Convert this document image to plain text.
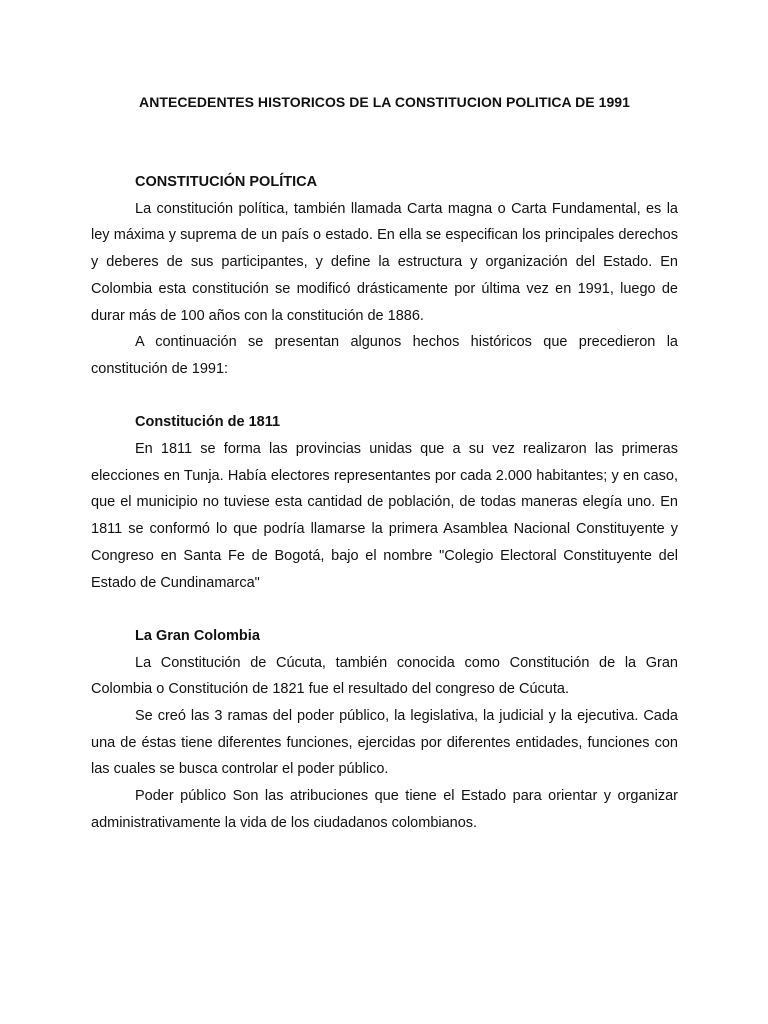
ANTECEDENTES HISTORICOS DE LA CONSTITUCION POLITICA DE 1991
CONSTITUCIÓN POLÍTICA

La constitución política, también llamada Carta magna o Carta Fundamental, es la ley máxima y suprema de un país o estado. En ella se especifican los principales derechos y deberes de sus participantes, y define la estructura y organización del Estado. En Colombia esta constitución se modificó drásticamente por última vez en 1991, luego de durar más de 100 años con la constitución de 1886.

A continuación se presentan algunos hechos históricos que precedieron la constitución de 1991:

Constitución de 1811

En 1811 se forma las provincias unidas que a su vez realizaron las primeras elecciones en Tunja. Había electores representantes por cada 2.000 habitantes; y en caso, que el municipio no tuviese esta cantidad de población, de todas maneras elegía uno. En 1811 se conformó lo que podría llamarse la primera Asamblea Nacional Constituyente y Congreso en Santa Fe de Bogotá, bajo el nombre "Colegio Electoral Constituyente del Estado de Cundinamarca"

La Gran Colombia

La Constitución de Cúcuta, también conocida como Constitución de la Gran Colombia o Constitución de 1821 fue el resultado del congreso de Cúcuta.

Se creó las 3 ramas del poder público, la legislativa, la judicial y la ejecutiva. Cada una de éstas tiene diferentes funciones, ejercidas por diferentes entidades, funciones con las cuales se busca controlar el poder público.

Poder público Son las atribuciones que tiene el Estado para orientar y organizar administrativamente la vida de los ciudadanos colombianos.
